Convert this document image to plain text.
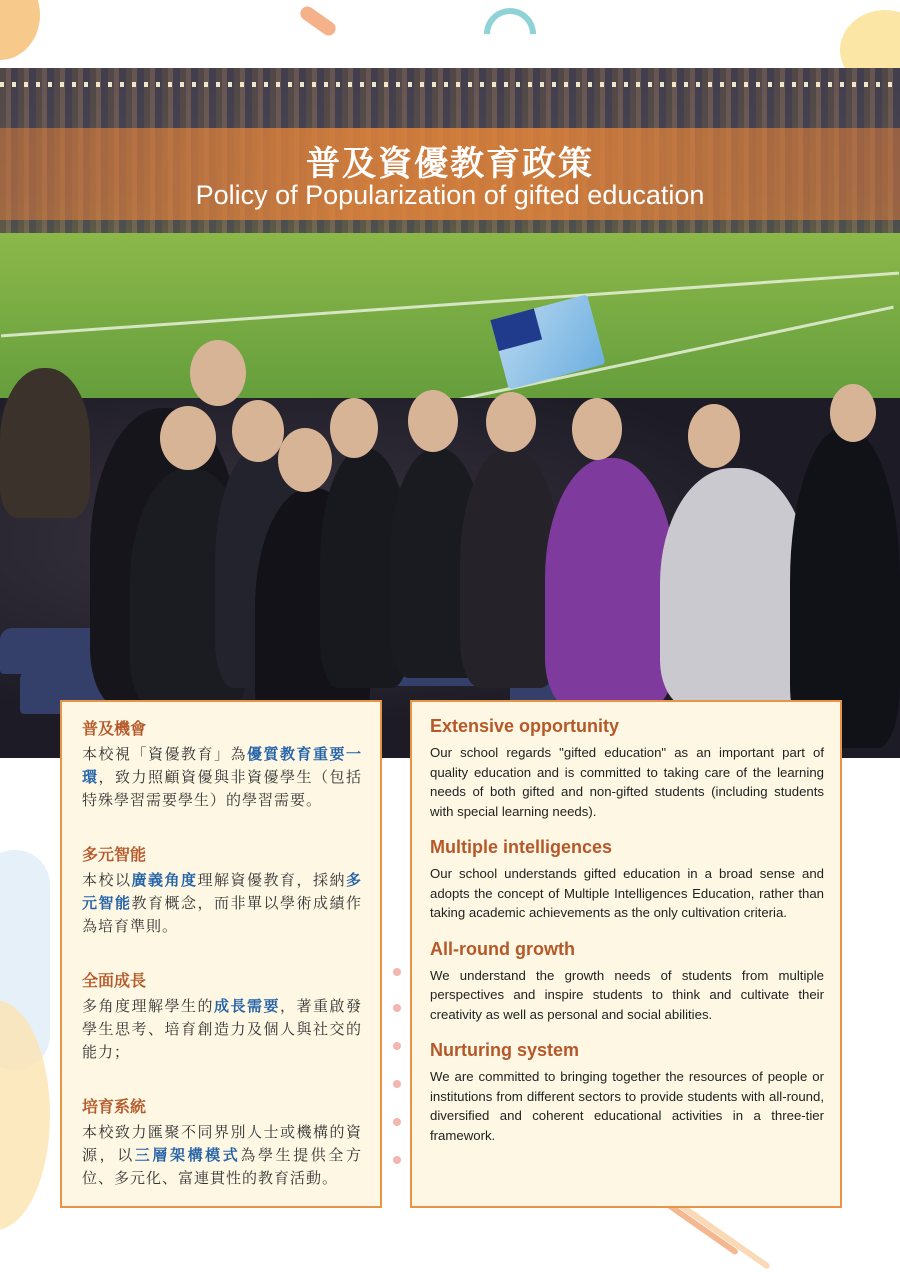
普及資優教育政策
Policy of Popularization of gifted education
普及機會

本校視「資優教育」為優質教育重要一環，致力照顧資優與非資優學生（包括特殊學習需要學生）的學習需要。

多元智能

本校以廣義角度理解資優教育，採納多元智能教育概念，而非單以學術成績作為培育準則。

全面成長

多角度理解學生的成長需要，著重啟發學生思考、培育創造力及個人與社交的能力；

培育系統

本校致力匯聚不同界別人士或機構的資源，以三層架構模式為學生提供全方位、多元化、富連貫性的教育活動。

Extensive opportunity

Our school regards "gifted education" as an important part of quality education and is committed to taking care of the learning needs of both gifted and non-gifted students (including students with special learning needs).

Multiple intelligences

Our school understands gifted education in a broad sense and adopts the concept of Multiple Intelligences Education, rather than taking academic achievements as the only cultivation criteria.

All-round growth

We understand the growth needs of students from multiple perspectives and inspire students to think and cultivate their creativity as well as personal and social abilities.

Nurturing system

We are committed to bringing together the resources of people or institutions from different sectors to provide students with all-round, diversified and coherent educational activities in a three-tier framework.
